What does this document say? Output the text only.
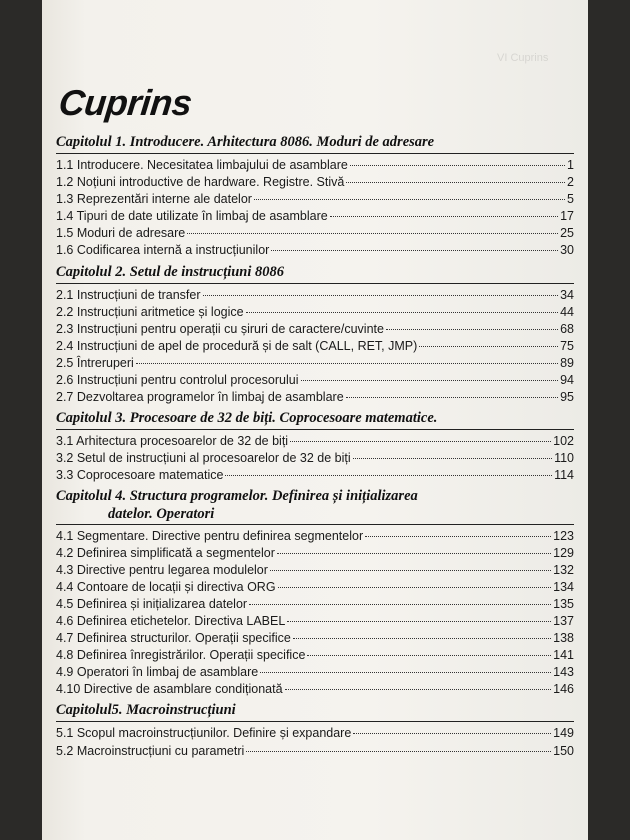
VI Cuprins
Cuprins
Capitolul 1. Introducere. Arhitectura 8086. Moduri de adresare
1.1 Introducere. Necesitatea limbajului de asamblare	1
1.2 Noțiuni introductive de hardware. Registre. Stivă	2
1.3 Reprezentări interne ale datelor	5
1.4 Tipuri de date utilizate în limbaj de asamblare	17
1.5 Moduri de adresare	25
1.6 Codificarea internă a instrucțiunilor	30
Capitolul 2. Setul de instrucțiuni 8086
2.1 Instrucțiuni de transfer	34
2.2 Instrucțiuni aritmetice și logice	44
2.3 Instrucțiuni pentru operații cu șiruri de caractere/cuvinte	68
2.4 Instrucțiuni de apel de procedură și de salt (CALL, RET, JMP)	75
2.5 Întreruperi	89
2.6 Instrucțiuni pentru controlul procesorului	94
2.7 Dezvoltarea programelor în limbaj de asamblare	95
Capitolul 3. Procesoare de 32 de biți. Coprocesoare matematice.
3.1 Arhitectura procesoarelor de 32 de biți	102
3.2 Setul de instrucțiuni al procesoarelor de 32 de biți	110
3.3 Coprocesoare matematice	114
Capitolul 4. Structura programelor. Definirea și inițializarea
datelor. Operatori
4.1 Segmentare. Directive pentru definirea segmentelor	123
4.2 Definirea simplificată a segmentelor	129
4.3 Directive pentru legarea modulelor	132
4.4 Contoare de locații și directiva ORG	134
4.5 Definirea și inițializarea datelor	135
4.6 Definirea etichetelor. Directiva LABEL	137
4.7 Definirea structurilor. Operații specifice	138
4.8 Definirea înregistrărilor. Operații specifice	141
4.9 Operatori în limbaj de asamblare	143
4.10 Directive de asamblare condiționată	146
Capitolul5. Macroinstrucțiuni
5.1 Scopul macroinstrucțiunilor. Definire și expandare	149
5.2 Macroinstrucțiuni cu parametri	150
